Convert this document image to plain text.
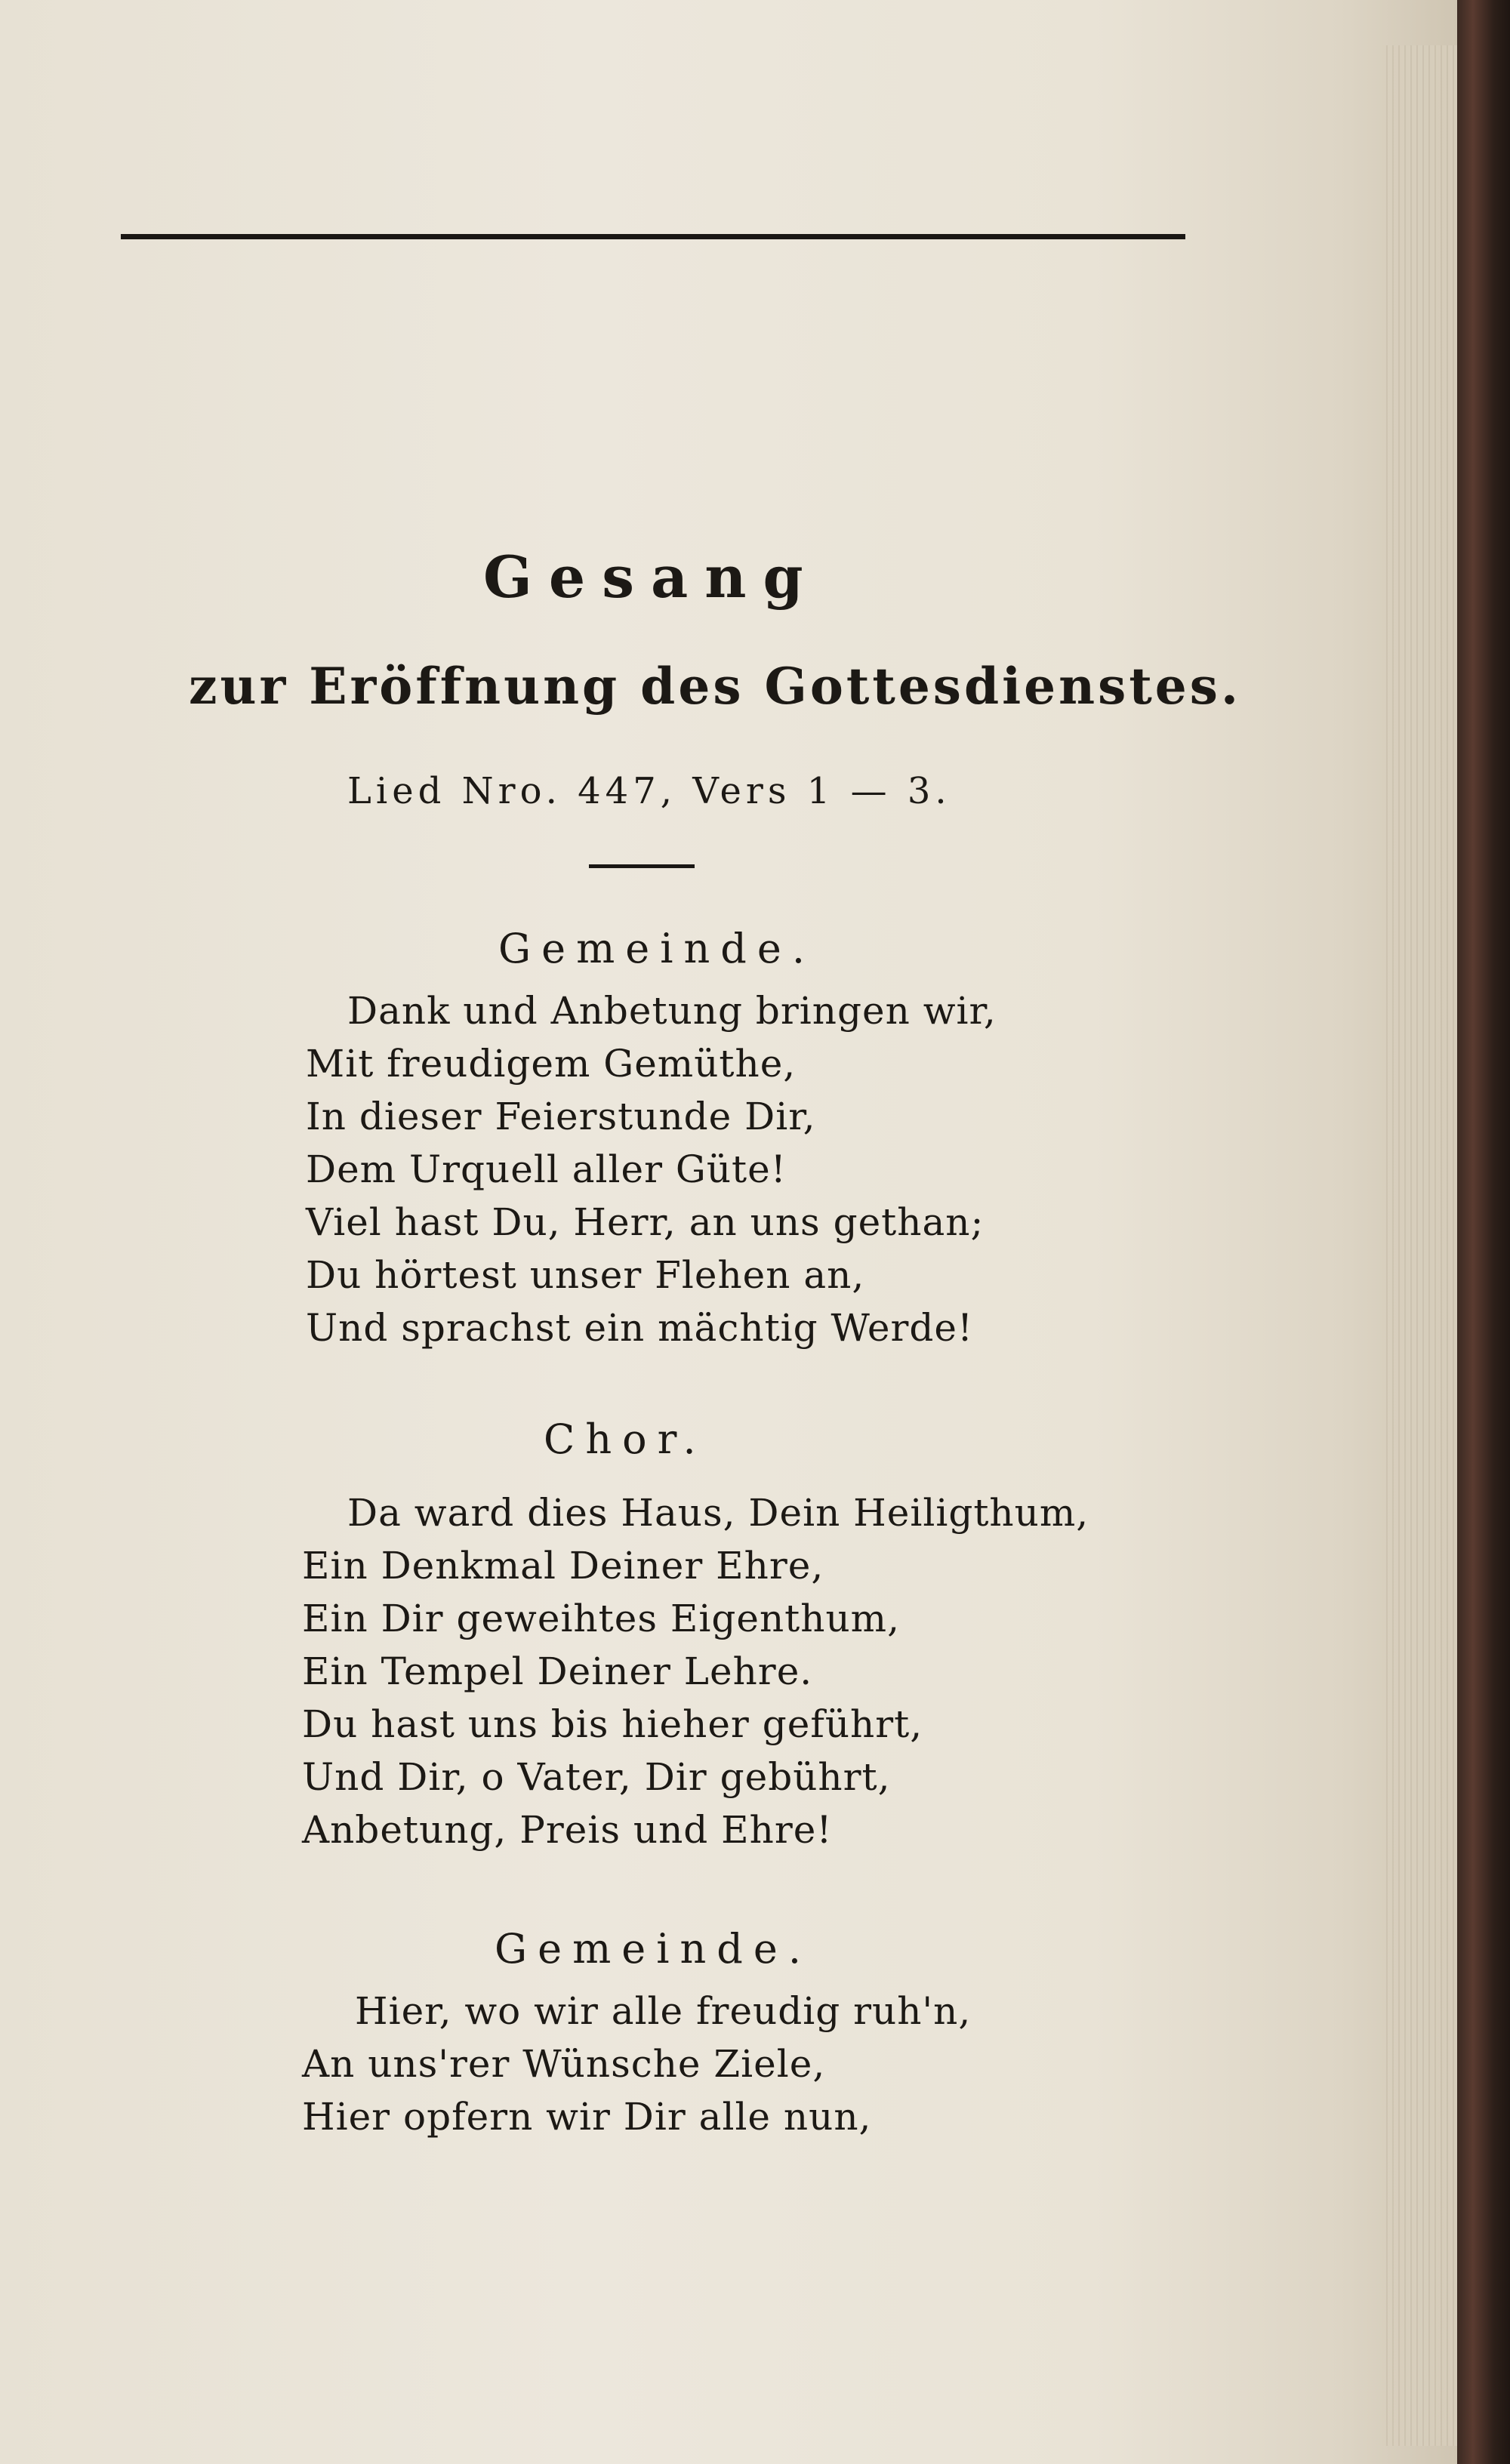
Gesang
zur Eröffnung des Gottesdienstes.
Lied Nro. 447, Vers 1 — 3.
Gemeinde.
Dank und Anbetung bringen wir,
Mit freudigem Gemüthe,
In dieser Feierstunde Dir,
Dem Urquell aller Güte!
Viel hast Du, Herr, an uns gethan;
Du hörtest unser Flehen an,
Und sprachst ein mächtig Werde!
Chor.
Da ward dies Haus, Dein Heiligthum,
Ein Denkmal Deiner Ehre,
Ein Dir geweihtes Eigenthum,
Ein Tempel Deiner Lehre.
Du hast uns bis hieher geführt,
Und Dir, o Vater, Dir gebührt,
Anbetung, Preis und Ehre!
Gemeinde.
Hier, wo wir alle freudig ruh'n,
An uns'rer Wünsche Ziele,
Hier opfern wir Dir alle nun,
